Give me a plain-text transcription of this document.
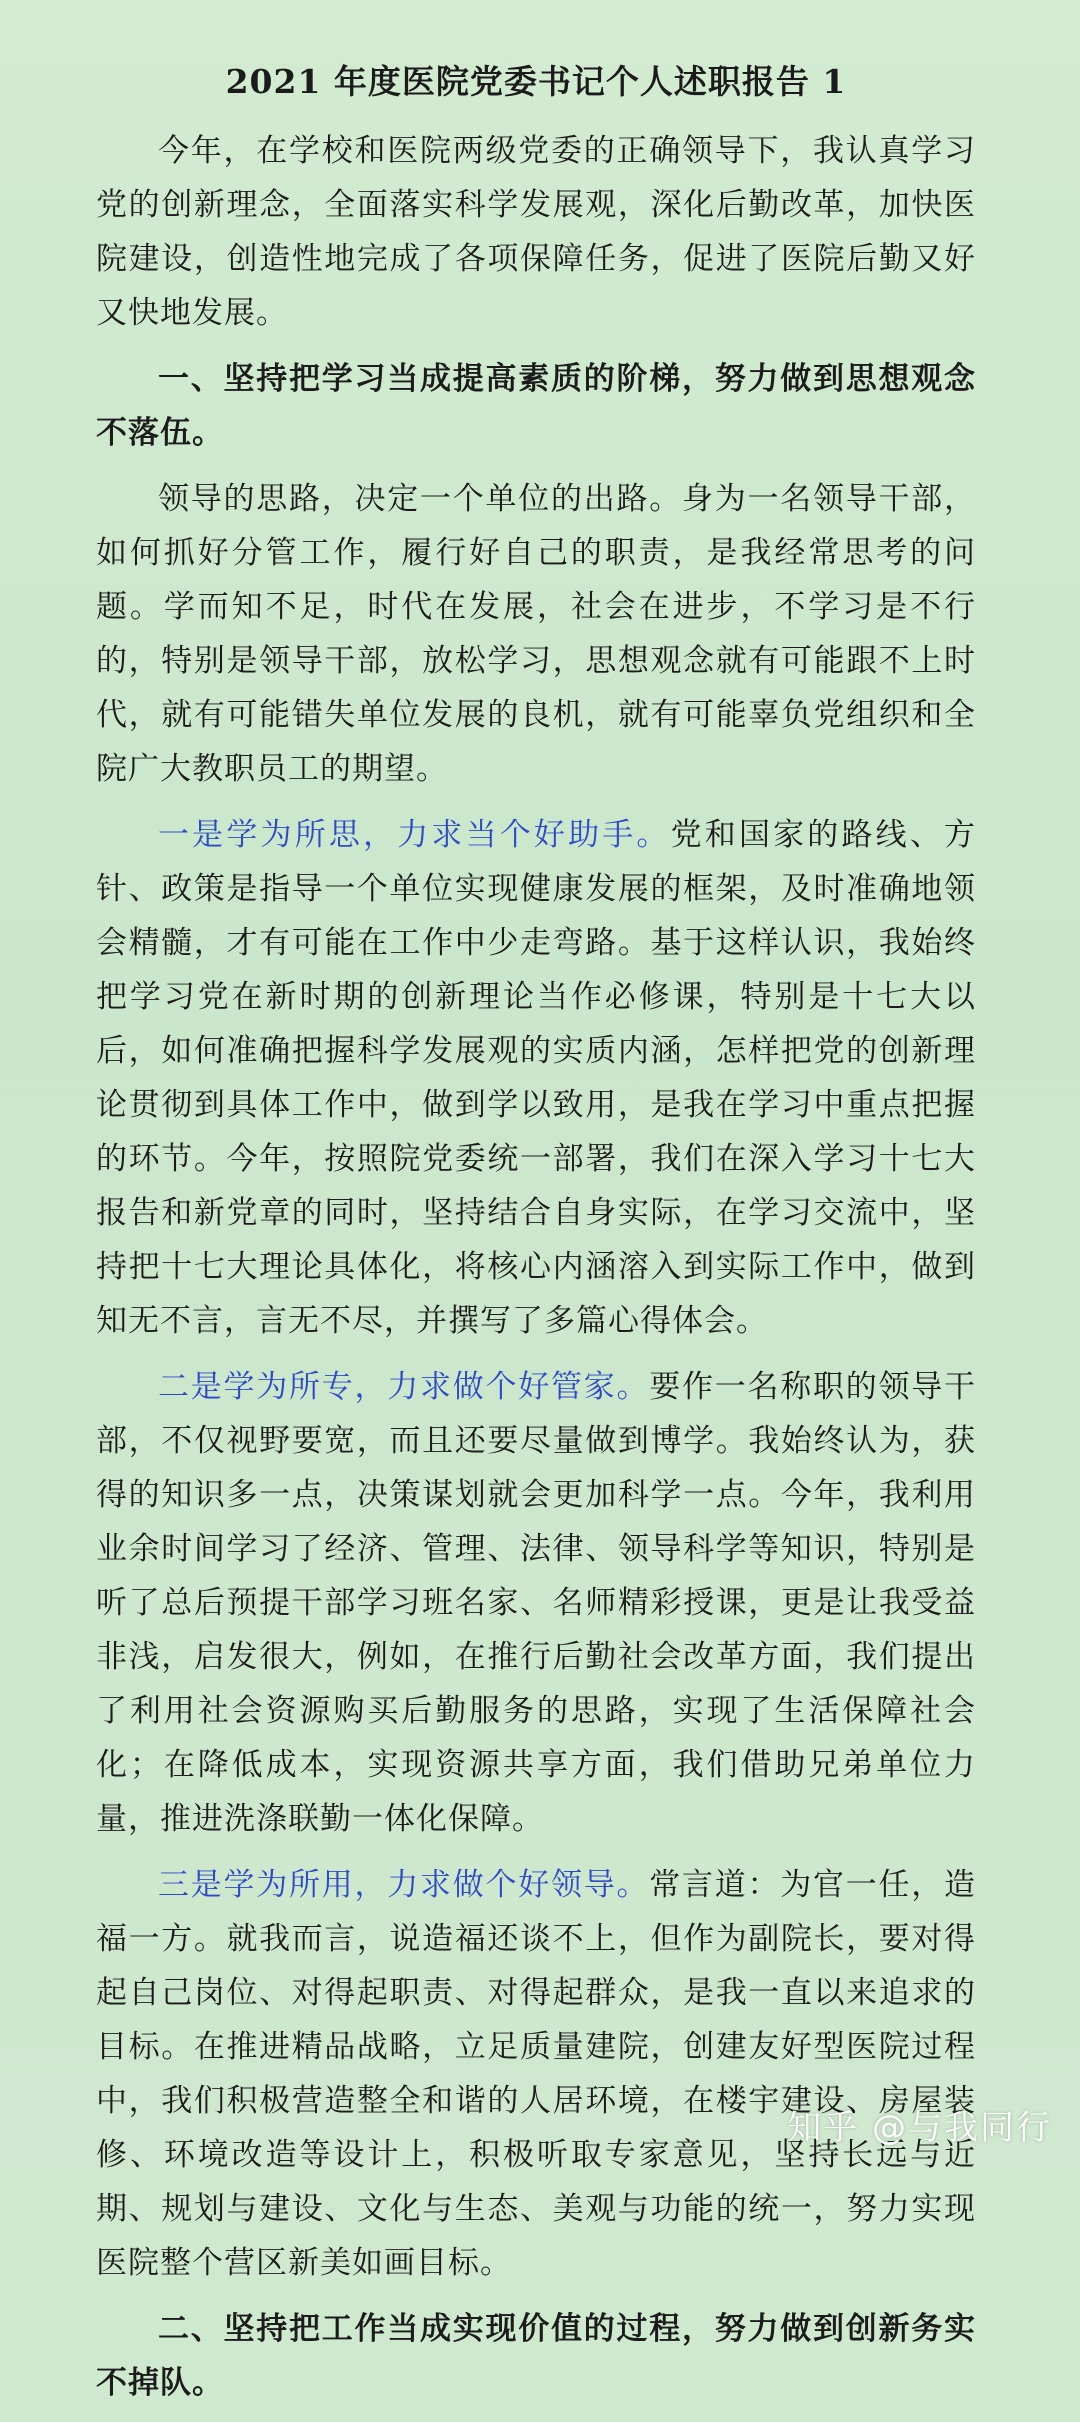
2021 年度医院党委书记个人述职报告 1

今年，在学校和医院两级党委的正确领导下，我认真学习党的创新理念，全面落实科学发展观，深化后勤改革，加快医院建设，创造性地完成了各项保障任务，促进了医院后勤又好又快地发展。

一、坚持把学习当成提高素质的阶梯，努力做到思想观念不落伍。

领导的思路，决定一个单位的出路。身为一名领导干部，如何抓好分管工作，履行好自己的职责，是我经常思考的问题。学而知不足，时代在发展，社会在进步，不学习是不行的，特别是领导干部，放松学习，思想观念就有可能跟不上时代，就有可能错失单位发展的良机，就有可能辜负党组织和全院广大教职员工的期望。

一是学为所思，力求当个好助手。党和国家的路线、方针、政策是指导一个单位实现健康发展的框架，及时准确地领会精髓，才有可能在工作中少走弯路。基于这样认识，我始终把学习党在新时期的创新理论当作必修课，特别是十七大以后，如何准确把握科学发展观的实质内涵，怎样把党的创新理论贯彻到具体工作中，做到学以致用，是我在学习中重点把握的环节。今年，按照院党委统一部署，我们在深入学习十七大报告和新党章的同时，坚持结合自身实际，在学习交流中，坚持把十七大理论具体化，将核心内涵溶入到实际工作中，做到知无不言，言无不尽，并撰写了多篇心得体会。

二是学为所专，力求做个好管家。要作一名称职的领导干部，不仅视野要宽，而且还要尽量做到博学。我始终认为，获得的知识多一点，决策谋划就会更加科学一点。今年，我利用业余时间学习了经济、管理、法律、领导科学等知识，特别是听了总后预提干部学习班名家、名师精彩授课，更是让我受益非浅，启发很大，例如，在推行后勤社会改革方面，我们提出了利用社会资源购买后勤服务的思路，实现了生活保障社会化；在降低成本，实现资源共享方面，我们借助兄弟单位力量，推进洗涤联勤一体化保障。

三是学为所用，力求做个好领导。常言道：为官一任，造福一方。就我而言，说造福还谈不上，但作为副院长，要对得起自己岗位、对得起职责、对得起群众，是我一直以来追求的目标。在推进精品战略，立足质量建院，创建友好型医院过程中，我们积极营造整全和谐的人居环境，在楼宇建设、房屋装修、环境改造等设计上，积极听取专家意见，坚持长远与近期、规划与建设、文化与生态、美观与功能的统一，努力实现医院整个营区新美如画目标。

二、坚持把工作当成实现价值的过程，努力做到创新务实不掉队。

知乎 @与我同行
